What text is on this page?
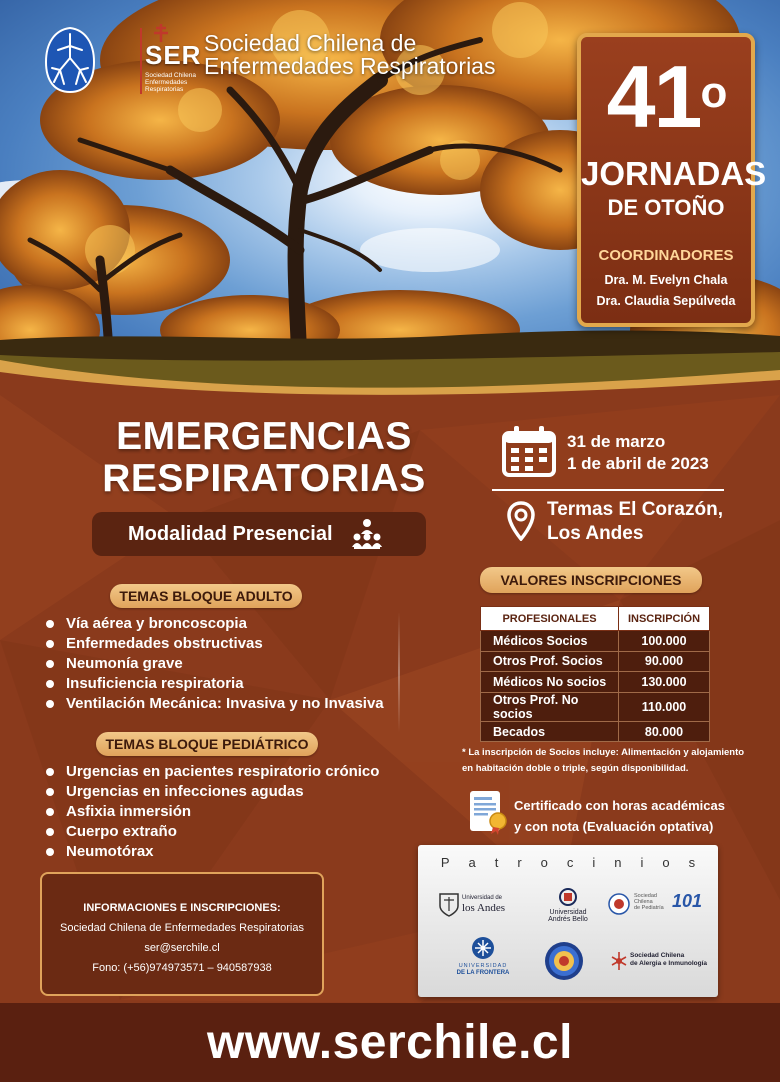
SER
Sociedad Chilena Enfermedades Respiratorias
Sociedad Chilena de
Enfermedades Respiratorias 41$^o$
JORNADAS
DE OTOÑO
COORDINADORES
Dra. M. Evelyn Chala
Dra. Claudia Sepúlveda
EMERGENCIAS
RESPIRATORIAS
Modalidad Presencial
TEMAS BLOQUE ADULTO
Vía aérea y broncoscopia
Enfermedades obstructivas
Neumonía grave
Insuficiencia respiratoria
Ventilación Mecánica: Invasiva y no Invasiva
TEMAS BLOQUE PEDIÁTRICO
Urgencias en pacientes respiratorio crónico
Urgencias en infecciones agudas
Asfixia inmersión
Cuerpo extraño
Neumotórax
INFORMACIONES E INSCRIPCIONES:
Sociedad Chilena de Enfermedades Respiratorias
ser@serchile.cl
Fono: (+56)974973571 – 940587938
31 de marzo
1 de abril de 2023
Termas El Corazón,
Los Andes
VALORES INSCRIPCIONES
PROFESIONALES	INSCRIPCIÓN
Médicos Socios	100.000
Otros Prof. Socios	90.000
Médicos No socios	130.000
Otros Prof. No socios	110.000
Becados	80.000
* La inscripción de Socios incluye: Alimentación y alojamiento
en habitación doble o triple, según disponibilidad.
Certificado con horas académicas
y con nota (Evaluación optativa)
Patrocinios
Universidad de
los Andes	Universidad
Andrés Bello
Sociedad
Chilena
de Pediatría 101
UNIVERSIDAD
DE LA FRONTERA
Sociedad Chilena
de Alergia e Inmunología
www.serchile.cl
